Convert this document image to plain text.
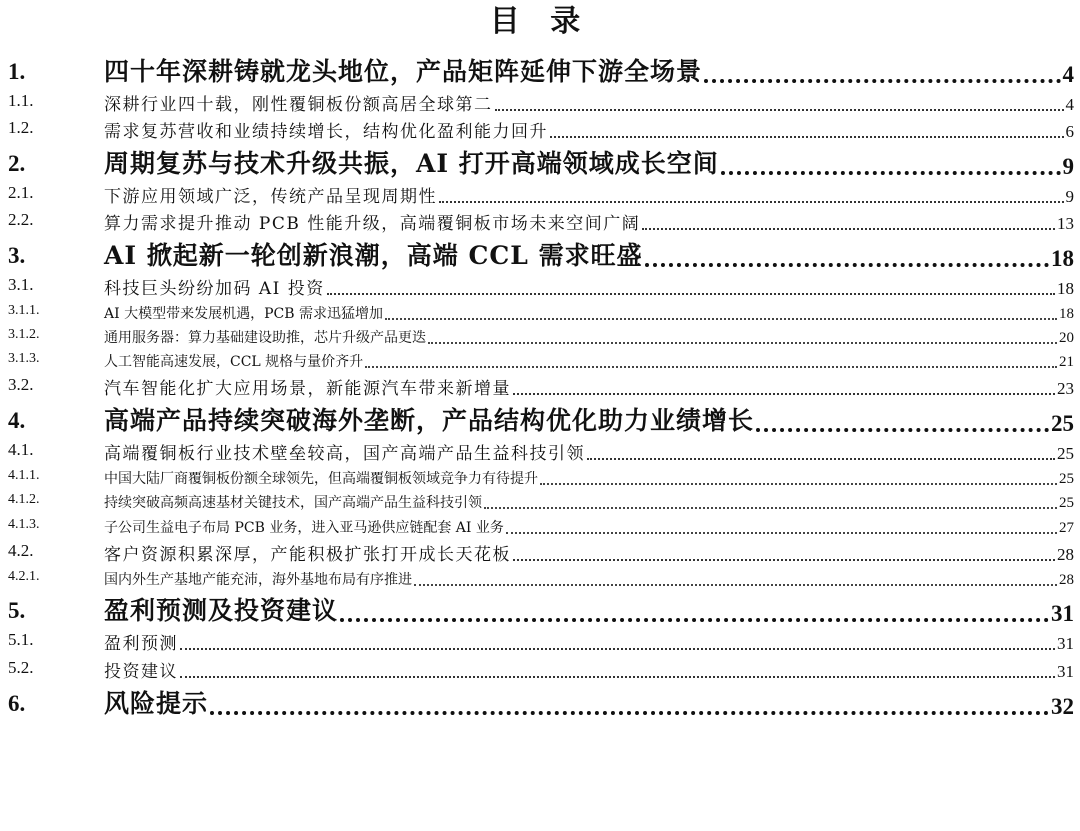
目 录
1.	四十年深耕铸就龙头地位，产品矩阵延伸下游全场景	4
1.1.	深耕行业四十载，刚性覆铜板份额高居全球第二	4
1.2.	需求复苏营收和业绩持续增长，结构优化盈利能力回升	6
2.	周期复苏与技术升级共振，AI 打开高端领域成长空间	9
2.1.	下游应用领域广泛，传统产品呈现周期性	9
2.2.	算力需求提升推动 PCB 性能升级，高端覆铜板市场未来空间广阔	13
3.	AI 掀起新一轮创新浪潮，高端 CCL 需求旺盛	18
3.1.	科技巨头纷纷加码 AI 投资	18
3.1.1.	AI 大模型带来发展机遇，PCB 需求迅猛增加	18
3.1.2.	通用服务器：算力基础建设助推，芯片升级产品更迭	20
3.1.3.	人工智能高速发展，CCL 规格与量价齐升	21
3.2.	汽车智能化扩大应用场景，新能源汽车带来新增量	23
4.	高端产品持续突破海外垄断，产品结构优化助力业绩增长	25
4.1.	高端覆铜板行业技术壁垒较高，国产高端产品生益科技引领	25
4.1.1.	中国大陆厂商覆铜板份额全球领先，但高端覆铜板领域竞争力有待提升	25
4.1.2.	持续突破高频高速基材关键技术，国产高端产品生益科技引领	25
4.1.3.	子公司生益电子布局 PCB 业务，进入亚马逊供应链配套 AI 业务	27
4.2.	客户资源积累深厚，产能积极扩张打开成长天花板	28
4.2.1.	国内外生产基地产能充沛，海外基地布局有序推进	28
5.	盈利预测及投资建议	31
5.1.	盈利预测	31
5.2.	投资建议	31
6.	风险提示	32
